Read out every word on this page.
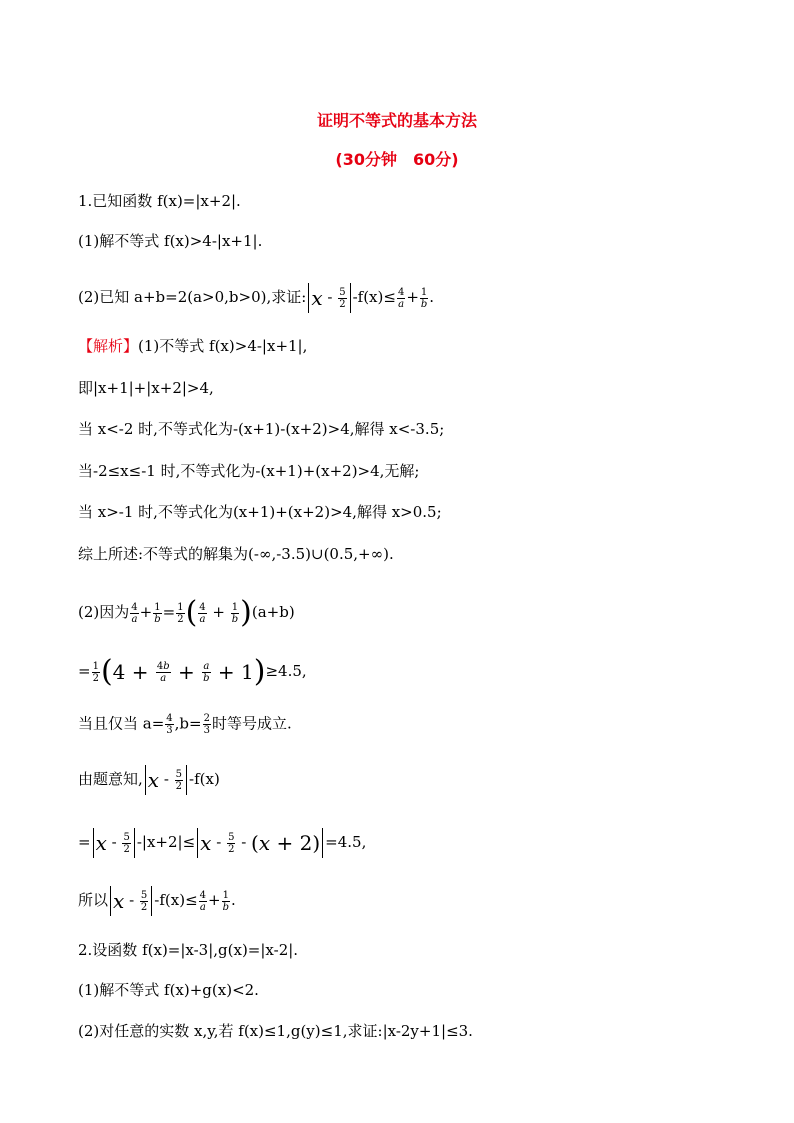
证明不等式的基本方法
(30分钟　60分)
1.已知函数 f(x)=|x+2|.
(1)解不等式 f(x)>4-|x+1|.
(2)已知 a+b=2(a>0,b>0),求证: $x - \frac{5}{2} -f(x)\le \frac{4}{a} + \frac{1}{b}$ .
【解析】(1)不等式 f(x)>4-|x+1|,
即|x+1|+|x+2|>4,
当 x<-2 时,不等式化为-(x+1)-(x+2)>4,解得 x<-3.5;
当-2≤x≤-1 时,不等式化为-(x+1)+(x+2)>4,无解;
当 x>-1 时,不等式化为(x+1)+(x+2)>4,解得 x>0.5;
综上所述:不等式的解集为(-∞,-3.5)∪(0.5,+∞).
(2)因为 $\frac{4}{a} + \frac{1}{b} = \frac{1}{2}$ ( $\frac{4}{a} + \frac{1}{b} )(a+b)$
= $\frac{1}{2} (4 + \frac{4b}{a} + \frac{a}{b} + 1)\ge 4.5$,
当且仅当 $a= \frac{4}{3} ,b= \frac{2}{3}$ 时等号成立.
由题意知, x - $\frac{5}{2} -f(x)$
= $x - \frac{5}{2} -|x+2|\le x - \frac{5}{2} - (x + 2) =4.5$,
所以 $x - \frac{5}{2} -f(x)\le \frac{4}{a} + \frac{1}{b}$ .
2.设函数 f(x)=|x-3|,g(x)=|x-2|.
(1)解不等式 f(x)+g(x)<2.
(2)对任意的实数 x,y,若 f(x)≤1,g(y)≤1,求证:|x-2y+1|≤3.
